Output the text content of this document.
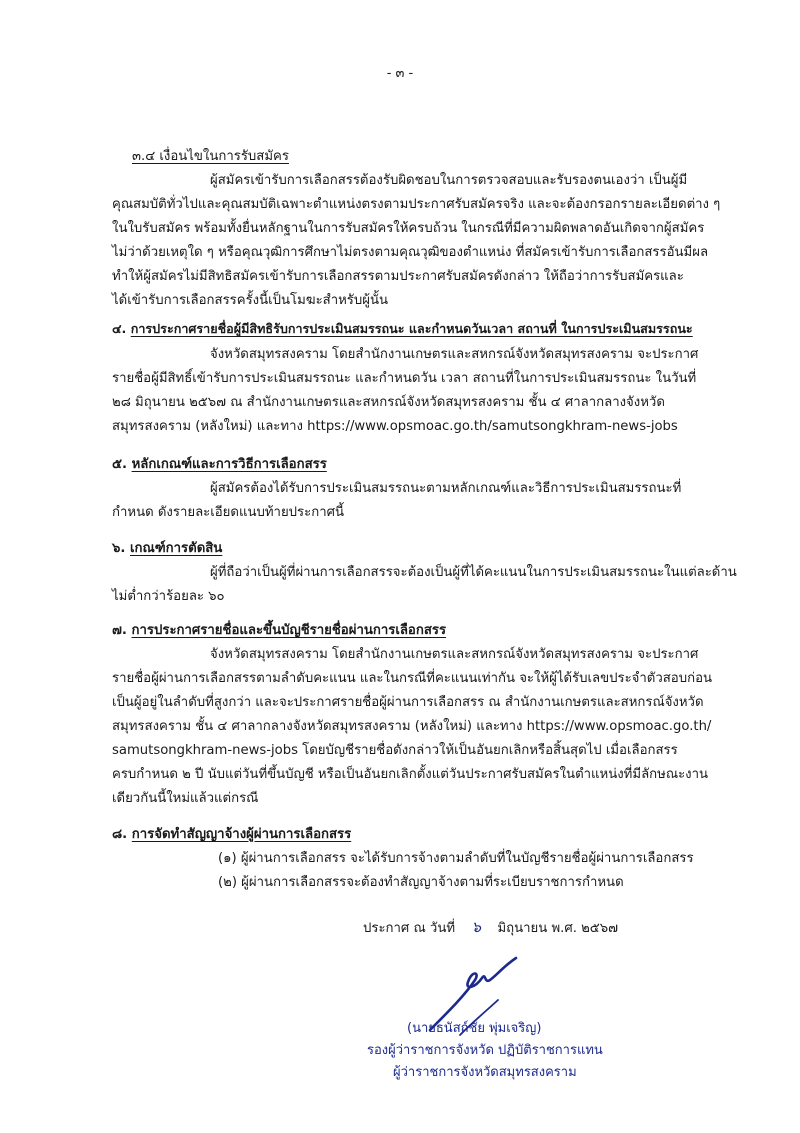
- ๓ -
๓.๔ เงื่อนไขในการรับสมัคร
ผู้สมัครเข้ารับการเลือกสรรต้องรับผิดชอบในการตรวจสอบและรับรองตนเองว่า เป็นผู้มี
คุณสมบัติทั่วไปและคุณสมบัติเฉพาะตำแหน่งตรงตามประกาศรับสมัครจริง และจะต้องกรอกรายละเอียดต่าง ๆ
ในใบรับสมัคร พร้อมทั้งยื่นหลักฐานในการรับสมัครให้ครบถ้วน ในกรณีที่มีความผิดพลาดอันเกิดจากผู้สมัคร
ไม่ว่าด้วยเหตุใด ๆ หรือคุณวุฒิการศึกษาไม่ตรงตามคุณวุฒิของตำแหน่ง ที่สมัครเข้ารับการเลือกสรรอันมีผล
ทำให้ผู้สมัครไม่มีสิทธิสมัครเข้ารับการเลือกสรรตามประกาศรับสมัครดังกล่าว ให้ถือว่าการรับสมัครและ
ได้เข้ารับการเลือกสรรครั้งนี้เป็นโมฆะสำหรับผู้นั้น
๔. การประกาศรายชื่อผู้มีสิทธิรับการประเมินสมรรถนะ และกำหนดวันเวลา สถานที่ ในการประเมินสมรรถนะ
จังหวัดสมุทรสงคราม โดยสำนักงานเกษตรและสหกรณ์จังหวัดสมุทรสงคราม จะประกาศ
รายชื่อผู้มีสิทธิ์เข้ารับการประเมินสมรรถนะ และกำหนดวัน เวลา สถานที่ในการประเมินสมรรถนะ ในวันที่
๒๘ มิถุนายน ๒๕๖๗ ณ สำนักงานเกษตรและสหกรณ์จังหวัดสมุทรสงคราม ชั้น ๔ ศาลากลางจังหวัด
สมุทรสงคราม (หลังใหม่) และทาง https://www.opsmoac.go.th/samutsongkhram-news-jobs
๕. หลักเกณฑ์และการวิธีการเลือกสรร
ผู้สมัครต้องได้รับการประเมินสมรรถนะตามหลักเกณฑ์และวิธีการประเมินสมรรถนะที่
กำหนด ดังรายละเอียดแนบท้ายประกาศนี้
๖. เกณฑ์การตัดสิน
ผู้ที่ถือว่าเป็นผู้ที่ผ่านการเลือกสรรจะต้องเป็นผู้ที่ได้คะแนนในการประเมินสมรรถนะในแต่ละด้าน
ไม่ต่ำกว่าร้อยละ ๖๐
๗. การประกาศรายชื่อและขึ้นบัญชีรายชื่อผ่านการเลือกสรร
จังหวัดสมุทรสงคราม โดยสำนักงานเกษตรและสหกรณ์จังหวัดสมุทรสงคราม จะประกาศ
รายชื่อผู้ผ่านการเลือกสรรตามลำดับคะแนน และในกรณีที่คะแนนเท่ากัน จะให้ผู้ได้รับเลขประจำตัวสอบก่อน
เป็นผู้อยู่ในลำดับที่สูงกว่า และจะประกาศรายชื่อผู้ผ่านการเลือกสรร ณ สำนักงานเกษตรและสหกรณ์จังหวัด
สมุทรสงคราม ชั้น ๔ ศาลากลางจังหวัดสมุทรสงคราม (หลังใหม่) และทาง https://www.opsmoac.go.th/
samutsongkhram-news-jobs โดยบัญชีรายชื่อดังกล่าวให้เป็นอันยกเลิกหรือสิ้นสุดไป เมื่อเลือกสรร
ครบกำหนด ๒ ปี นับแต่วันที่ขึ้นบัญชี หรือเป็นอันยกเลิกตั้งแต่วันประกาศรับสมัครในตำแหน่งที่มีลักษณะงาน
เดียวกันนี้ใหม่แล้วแต่กรณี
๘. การจัดทำสัญญาจ้างผู้ผ่านการเลือกสรร
(๑) ผู้ผ่านการเลือกสรร จะได้รับการจ้างตามลำดับที่ในบัญชีรายชื่อผู้ผ่านการเลือกสรร
(๒) ผู้ผ่านการเลือกสรรจะต้องทำสัญญาจ้างตามที่ระเบียบราชการกำหนด
ประกาศ ณ วันที่ ๖ มิถุนายน พ.ศ. ๒๕๖๗
(นายธนัสถ์ชัย พุ่มเจริญ)
รองผู้ว่าราชการจังหวัด ปฏิบัติราชการแทน
ผู้ว่าราชการจังหวัดสมุทรสงคราม
